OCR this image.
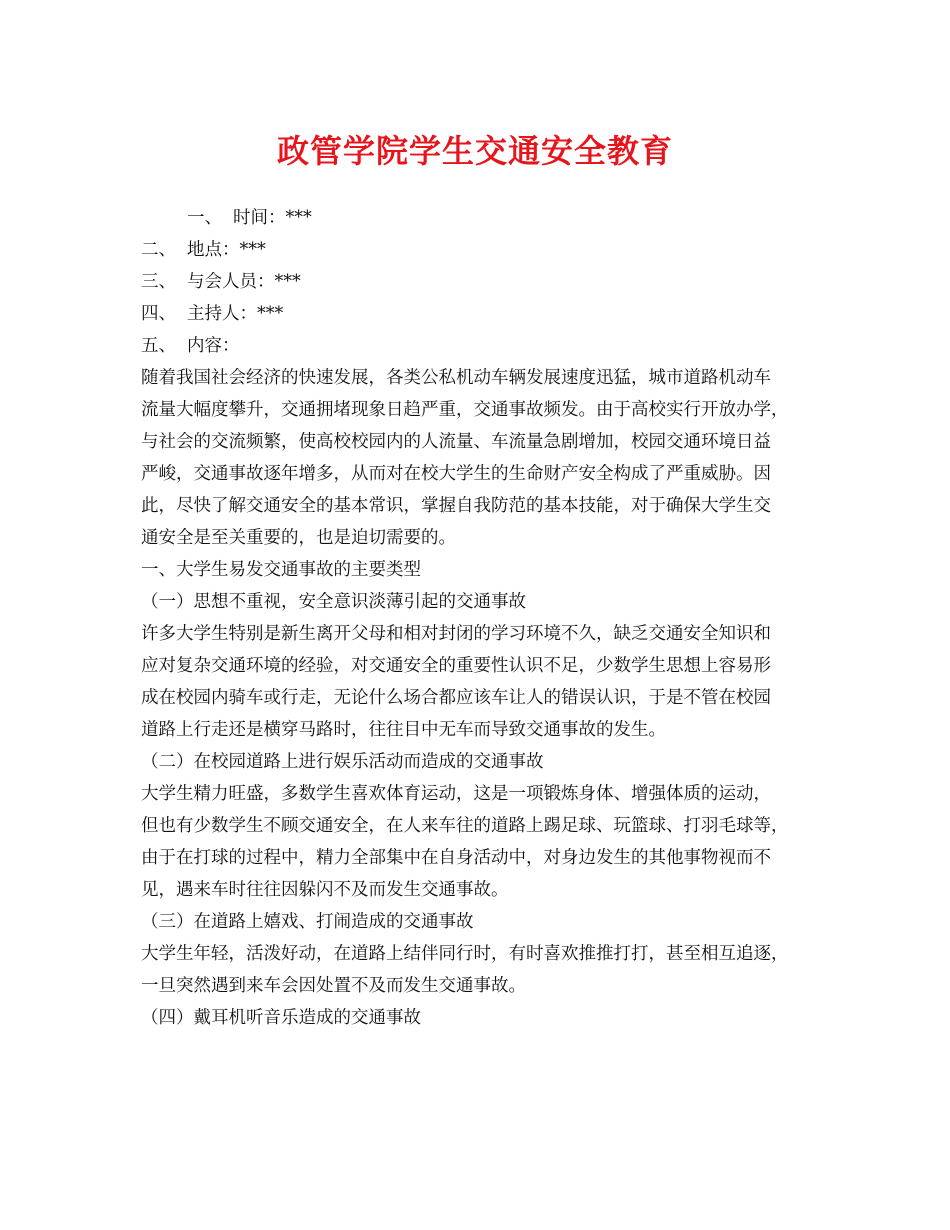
政管学院学生交通安全教育
一、 时间：***
二、 地点：***
三、 与会人员：***
四、 主持人：***
五、 内容：
随着我国社会经济的快速发展，各类公私机动车辆发展速度迅猛，城市道路机动车
流量大幅度攀升，交通拥堵现象日趋严重，交通事故频发。由于高校实行开放办学，
与社会的交流频繁，使高校校园内的人流量、车流量急剧增加，校园交通环境日益
严峻，交通事故逐年增多，从而对在校大学生的生命财产安全构成了严重威胁。因
此，尽快了解交通安全的基本常识，掌握自我防范的基本技能，对于确保大学生交
通安全是至关重要的，也是迫切需要的。
一、大学生易发交通事故的主要类型
（一）思想不重视，安全意识淡薄引起的交通事故
许多大学生特别是新生离开父母和相对封闭的学习环境不久，缺乏交通安全知识和
应对复杂交通环境的经验，对交通安全的重要性认识不足，少数学生思想上容易形
成在校园内骑车或行走，无论什么场合都应该车让人的错误认识，于是不管在校园
道路上行走还是横穿马路时，往往目中无车而导致交通事故的发生。
（二）在校园道路上进行娱乐活动而造成的交通事故
大学生精力旺盛，多数学生喜欢体育运动，这是一项锻炼身体、增强体质的运动，
但也有少数学生不顾交通安全，在人来车往的道路上踢足球、玩篮球、打羽毛球等，
由于在打球的过程中，精力全部集中在自身活动中，对身边发生的其他事物视而不
见，遇来车时往往因躲闪不及而发生交通事故。
（三）在道路上嬉戏、打闹造成的交通事故
大学生年轻，活泼好动，在道路上结伴同行时，有时喜欢推推打打，甚至相互追逐，
一旦突然遇到来车会因处置不及而发生交通事故。
（四）戴耳机听音乐造成的交通事故
